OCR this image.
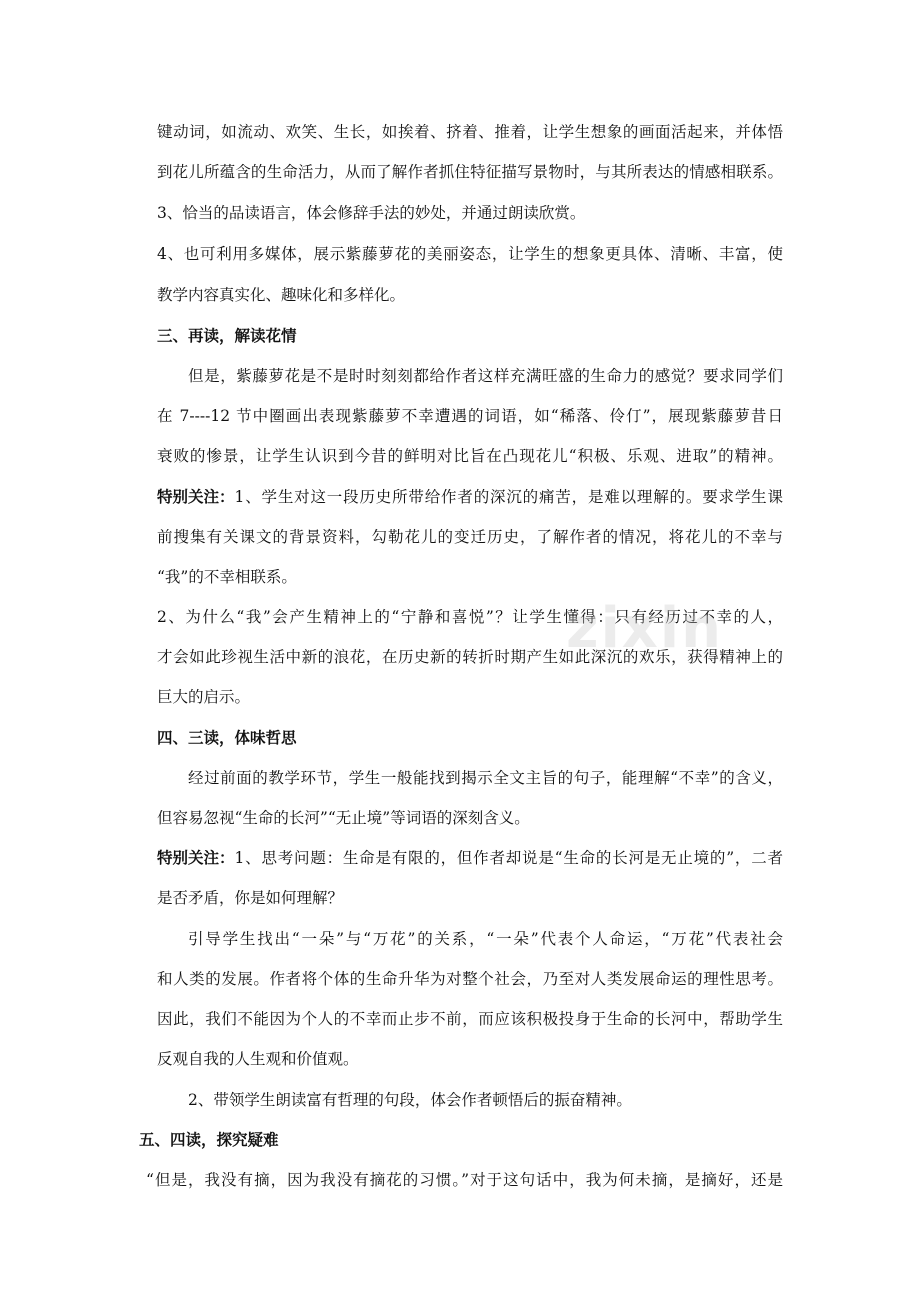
键动词，如流动、欢笑、生长，如挨着、挤着、推着，让学生想象的画面活起来，并体悟
到花儿所蕴含的生命活力，从而了解作者抓住特征描写景物时，与其所表达的情感相联系。
3、恰当的品读语言，体会修辞手法的妙处，并通过朗读欣赏。
4、也可利用多媒体，展示紫藤萝花的美丽姿态，让学生的想象更具体、清晰、丰富，使
教学内容真实化、趣味化和多样化。
三、再读，解读花情
但是，紫藤萝花是不是时时刻刻都给作者这样充满旺盛的生命力的感觉？要求同学们
在 7----12 节中圈画出表现紫藤萝不幸遭遇的词语，如“稀落、伶仃”，展现紫藤萝昔日
衰败的惨景，让学生认识到今昔的鲜明对比旨在凸现花儿“积极、乐观、进取”的精神。
特别关注： 1、学生对这一段历史所带给作者的深沉的痛苦，是难以理解的。要求学生课
前搜集有关课文的背景资料，勾勒花儿的变迁历史，了解作者的情况，将花儿的不幸与
“我”的不幸相联系。
2、为什么“我”会产生精神上的“宁静和喜悦”？让学生懂得：只有经历过不幸的人，
才会如此珍视生活中新的浪花，在历史新的转折时期产生如此深沉的欢乐，获得精神上的
巨大的启示。
四、三读，体味哲思
经过前面的教学环节，学生一般能找到揭示全文主旨的句子，能理解“不幸”的含义，
但容易忽视“生命的长河”“无止境”等词语的深刻含义。
特别关注： 1、思考问题：生命是有限的，但作者却说是“生命的长河是无止境的”，二者
是否矛盾，你是如何理解？
引导学生找出“一朵”与“万花”的关系，“一朵”代表个人命运，“万花”代表社会
和人类的发展。作者将个体的生命升华为对整个社会，乃至对人类发展命运的理性思考。
因此，我们不能因为个人的不幸而止步不前，而应该积极投身于生命的长河中，帮助学生
反观自我的人生观和价值观。
2、带领学生朗读富有哲理的句段，体会作者顿悟后的振奋精神。
五、四读，探究疑难
“但是，我没有摘，因为我没有摘花的习惯。”对于这句话中，我为何未摘，是摘好，还是
zixin
